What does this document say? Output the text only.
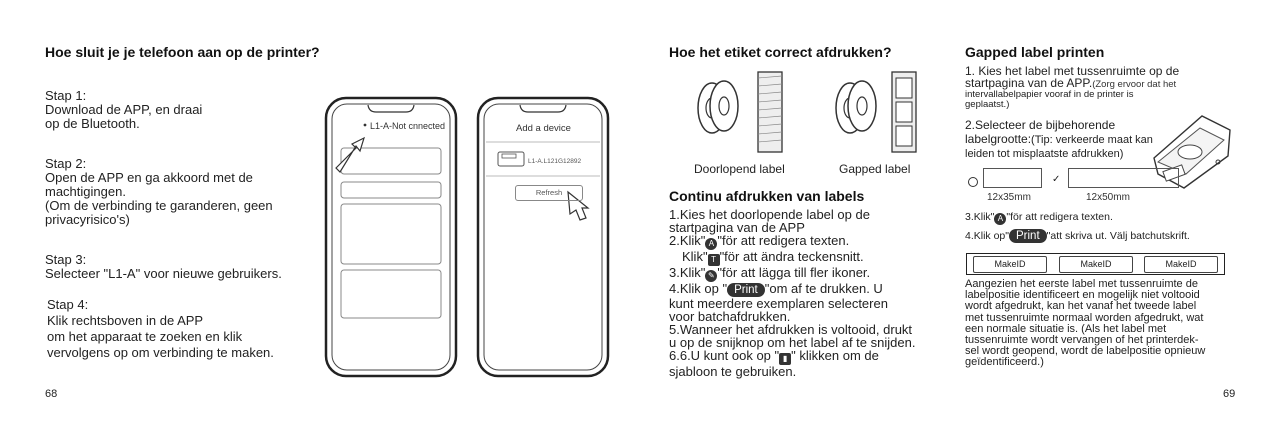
Hoe sluit je je telefoon aan op de printer?
Stap 1:
Download de APP, en draai
op de Bluetooth.
Stap 2:
Open de APP en ga akkoord met de
machtigingen.
(Om de verbinding te garanderen, geen
privacyrisico's)
Stap 3:
Selecteer "L1-A" voor nieuwe gebruikers.
Stap 4:
Klik rechtsboven in de APP
om het apparaat te zoeken en klik
vervolgens op om verbinding te maken.
L1-A-Not cnnected	Add a device
L1-A.L121G12892
Refresh
68
Hoe het etiket correct afdrukken?
Doorlopend label	Gapped label
Continu afdrukken van labels
1.Kies het doorlopende label op de
startpagina van de APP
2.Klik" A "för att redigera texten.
Klik" T "för att ändra teckensnitt.
3.Klik" ✎ "för att lägga till fler ikoner.
4.Klik op " Print "om af te drukken. U
kunt meerdere exemplaren selecteren
voor batchafdrukken.
5.Wanneer het afdrukken is voltooid, drukt
u op de snijknop om het label af te snijden.
6.6.U kunt ook op " ▮ " klikken om de
sjabloon te gebruiken.
Gapped label printen
1. Kies het label met tussenruimte op de
startpagina van de APP.(Zorg ervoor dat het
intervallabelpapier vooraf in de printer is
geplaatst.)
2.Selecteer de bijbehorende
labelgrootte:(Tip: verkeerde maat kan
leiden tot misplaatste afdrukken)
✓
12x35mm	12x50mm
3.Klik" A "för att redigera texten.
4.Klik op" Print "att skriva ut. Välj batchutskrift.
MakeID	MakeID	MakeID
Aangezien het eerste label met tussenruimte de
labelpositie identificeert en mogelijk niet voltooid
wordt afgedrukt, kan het vanaf het tweede label
met tussenruimte normaal worden afgedrukt, wat
een normale situatie is. (Als het label met
tussenruimte wordt vervangen of het printerdek-
sel wordt geopend, wordt de labelpositie opnieuw
geïdentificeerd.)
69
